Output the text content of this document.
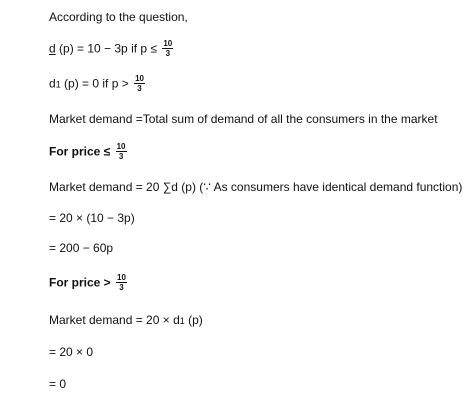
According to the question,
d (p) = 10 − 3p if $p \le \frac{10}{3}$
d1 (p) = 0 if $p > \frac{10}{3}$
Market demand =Total sum of demand of all the consumers in the market
For price ≤ $\frac{10}{3}$
Market demand = 20 ∑d (p) (∵ As consumers have identical demand function)
= 20 × (10 − 3p)
= 200 − 60p
For price > $\frac{10}{3}$
Market demand = 20 × d1 (p)
= 20 × 0
= 0
